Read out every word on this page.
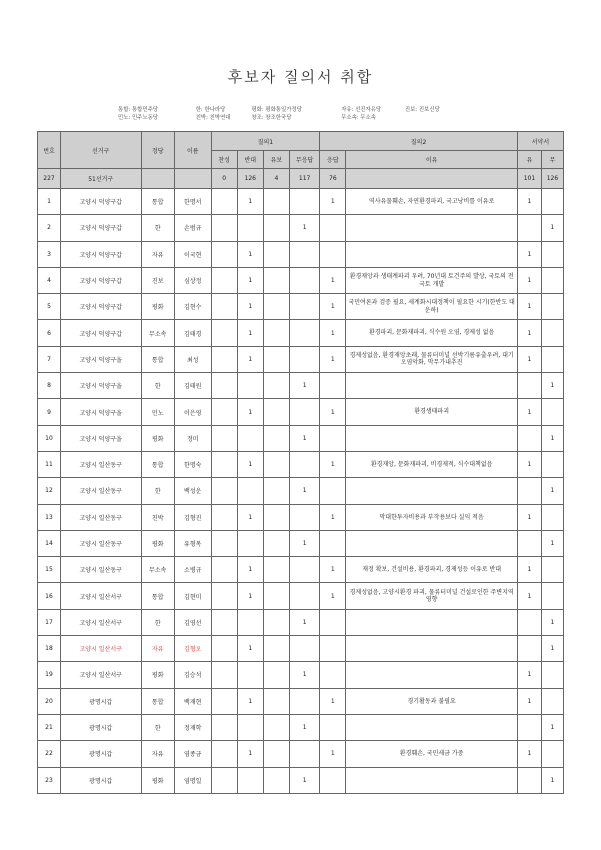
후보자 질의서 취합
통합: 통합민주당	한: 한나라당	평화: 평화통일가정당	자유: 선진자유당	진보: 진보신당
민노: 민주노동당	친박: 친박연대	창조: 창조한국당	무소속: 무소속
번호	선거구	정당	이름	질의1				질의2		서약서	
				찬성	반대	유보	무응답	응답	이유	유	무
227	51선거구			0	126	4	117	76		101	126
1	고양시 덕양구갑	통합	한명서		1			1	역사유물훼손, 자연환경파괴, 국고낭비를 이유로	1	
2	고양시 덕양구갑	한	손범규				1				1
3	고양시 덕양구갑	자유	이국현		1					1	
4	고양시 덕양구갑	진보	심상정		1			1	환경재앙과 생태계파괴 우려, 70년대 토건주의 발상, 국토의 전 국토 개발	1	
5	고양시 덕양구갑	평화	김현수		1			1	국민여론과 검증 필요, 세계화시대정책이 필요한 시기(한반도 대운하)	1	
6	고양시 덕양구갑	무소속	김태경		1			1	환경파괴, 문화재파괴, 식수원 오염, 경제성 없음	1	
7	고양시 덕양구을	통합	최성		1			1	경제성없음, 환경재앙초래, 물류터미널 선박기름유출우려, 대기오염악화, 막무가내추진	1	
8	고양시 덕양구을	한	김태원				1				1
9	고양시 덕양구을	민노	이은영		1			1	환경생태파괴	1	
10	고양시 덕양구을	평화	정미				1				1
11	고양시 일산동구	통합	한명숙		1			1	환경재앙, 문화재파괴, 비경제적, 식수대책없음	1	
12	고양시 일산동구	한	백성운				1				1
13	고양시 일산동구	친박	김형진		1			1	막대한투자비용과 부작용보다 실익 적음	1	
14	고양시 일산동구	평화	유형목				1				1
15	고양시 일산동구	무소속	소병규		1			1	재정 확보, 건설비용, 환경파괴, 경제성등 이유로 반대	1	
16	고양시 일산서구	통합	김현미		1			1	경제성없음, 고양시환경 파괴, 물류터미널 건설로인한 주변지역 영향	1	
17	고양시 일산서구	한	김영선				1				1
18	고양시 일산서구	자유	김형오		1						1
19	고양시 일산서구	평화	김승석				1			1	
20	광명시갑	통합	백재현		1			1	경기활동과 불필요	1	
21	광명시갑	한	정재학				1				1
22	광명시갑	자유	염종금		1			1	환경훼손, 국민세금 가중	1	
23	광명시갑	평화	염명일				1				1
